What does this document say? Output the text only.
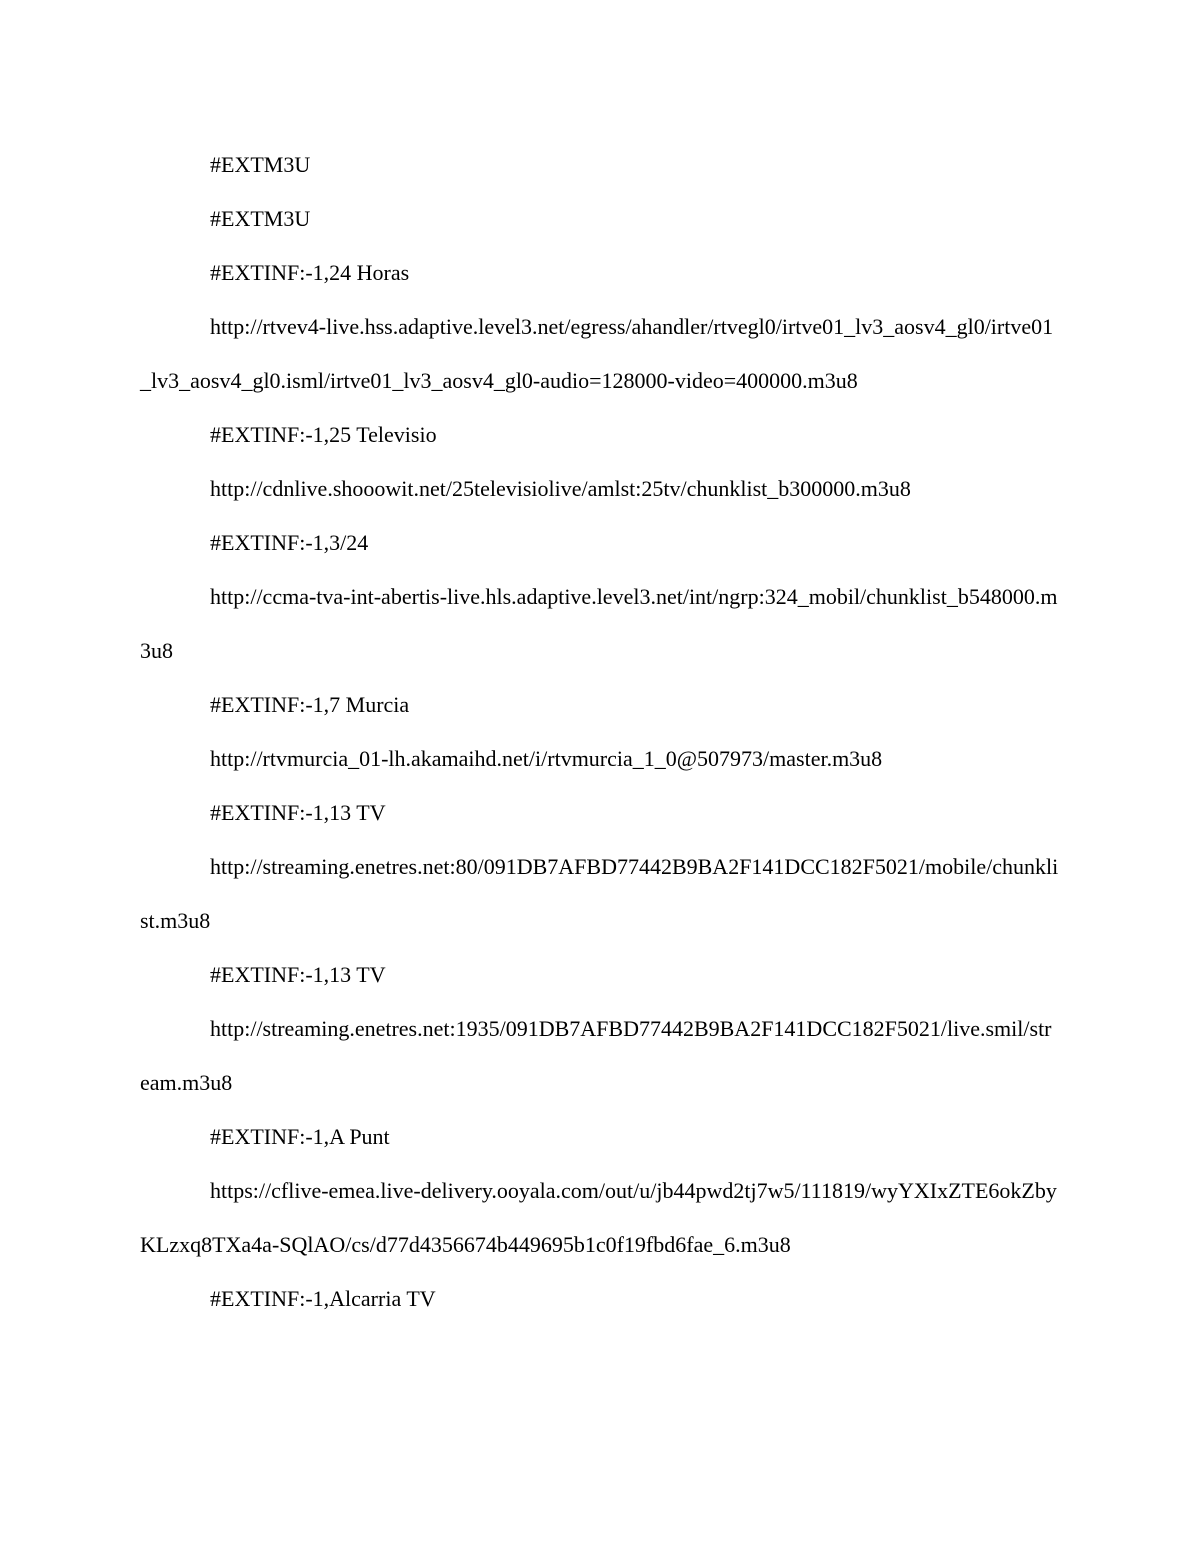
#EXTM3U

#EXTM3U

#EXTINF:-1,24 Horas

http://rtvev4-live.hss.adaptive.level3.net/egress/ahandler/rtvegl0/irtve01_lv3_aosv4_gl0/irtve01_lv3_aosv4_gl0.isml/irtve01_lv3_aosv4_gl0-audio=128000-video=400000.m3u8

#EXTINF:-1,25 Televisio

http://cdnlive.shooowit.net/25televisiolive/amlst:25tv/chunklist_b300000.m3u8

#EXTINF:-1,3/24

http://ccma-tva-int-abertis-live.hls.adaptive.level3.net/int/ngrp:324_mobil/chunklist_b548000.m3u8

#EXTINF:-1,7 Murcia

http://rtvmurcia_01-lh.akamaihd.net/i/rtvmurcia_1_0@507973/master.m3u8

#EXTINF:-1,13 TV

http://streaming.enetres.net:80/091DB7AFBD77442B9BA2F141DCC182F5021/mobile/chunklist.m3u8

#EXTINF:-1,13 TV

http://streaming.enetres.net:1935/091DB7AFBD77442B9BA2F141DCC182F5021/live.smil/stream.m3u8

#EXTINF:-1,A Punt

https://cflive-emea.live-delivery.ooyala.com/out/u/jb44pwd2tj7w5/111819/wyYXIxZTE6okZbyKLzxq8TXa4a-SQlAO/cs/d77d4356674b449695b1c0f19fbd6fae_6.m3u8

#EXTINF:-1,Alcarria TV
